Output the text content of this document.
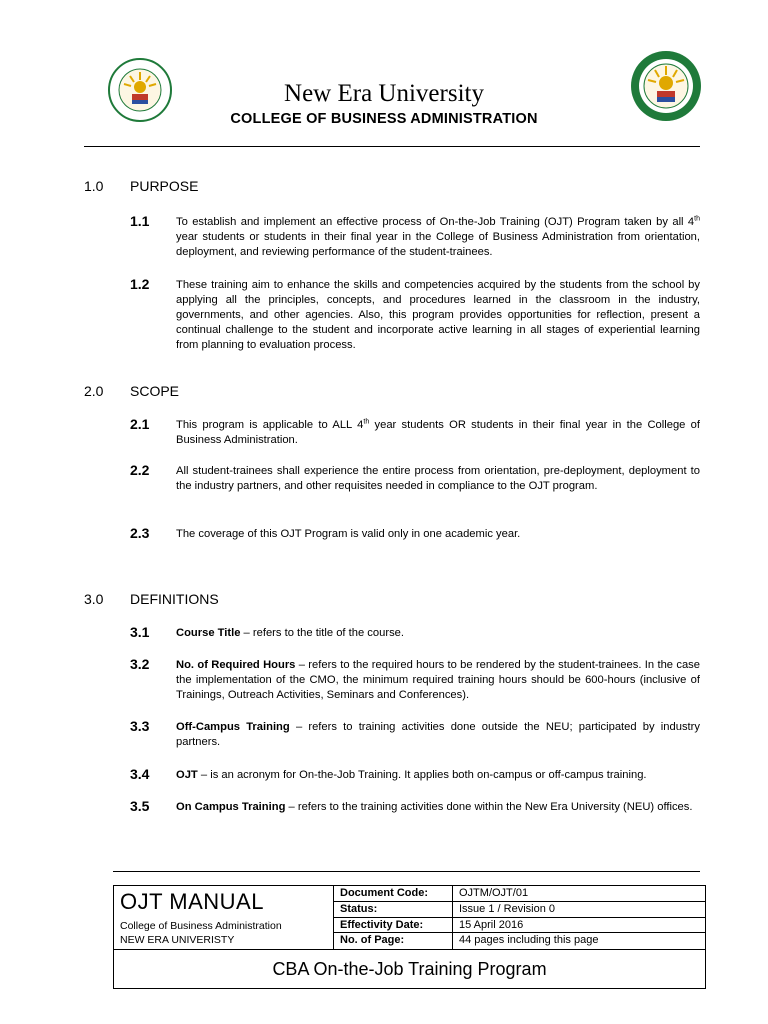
New Era University
COLLEGE OF BUSINESS ADMINISTRATION
1.0 PURPOSE
1.1 To establish and implement an effective process of On-the-Job Training (OJT) Program taken by all 4th year students or students in their final year in the College of Business Administration from orientation, deployment, and reviewing performance of the student-trainees.
1.2 These training aim to enhance the skills and competencies acquired by the students from the school by applying all the principles, concepts, and procedures learned in the classroom in the industry, governments, and other agencies. Also, this program provides opportunities for reflection, present a continual challenge to the student and incorporate active learning in all stages of experiential learning from planning to evaluation process.
2.0 SCOPE
2.1 This program is applicable to ALL 4th year students OR students in their final year in the College of Business Administration.
2.2 All student-trainees shall experience the entire process from orientation, pre-deployment, deployment to the industry partners, and other requisites needed in compliance to the OJT program.
2.3 The coverage of this OJT Program is valid only in one academic year.
3.0 DEFINITIONS
3.1 Course Title – refers to the title of the course.
3.2 No. of Required Hours – refers to the required hours to be rendered by the student-trainees. In the case the implementation of the CMO, the minimum required training hours should be 600-hours (inclusive of Trainings, Outreach Activities, Seminars and Conferences).
3.3 Off-Campus Training – refers to training activities done outside the NEU; participated by industry partners.
3.4 OJT – is an acronym for On-the-Job Training. It applies both on-campus or off-campus training.
3.5 On Campus Training – refers to the training activities done within the New Era University (NEU) offices.
OJT MANUAL
College of Business Administration
NEW ERA UNIVERISTY
Document Code:	OJTM/OJT/01
Status:	Issue 1 / Revision 0
Effectivity Date:	15 April 2016
No. of Page:	44 pages including this page
CBA On-the-Job Training Program
